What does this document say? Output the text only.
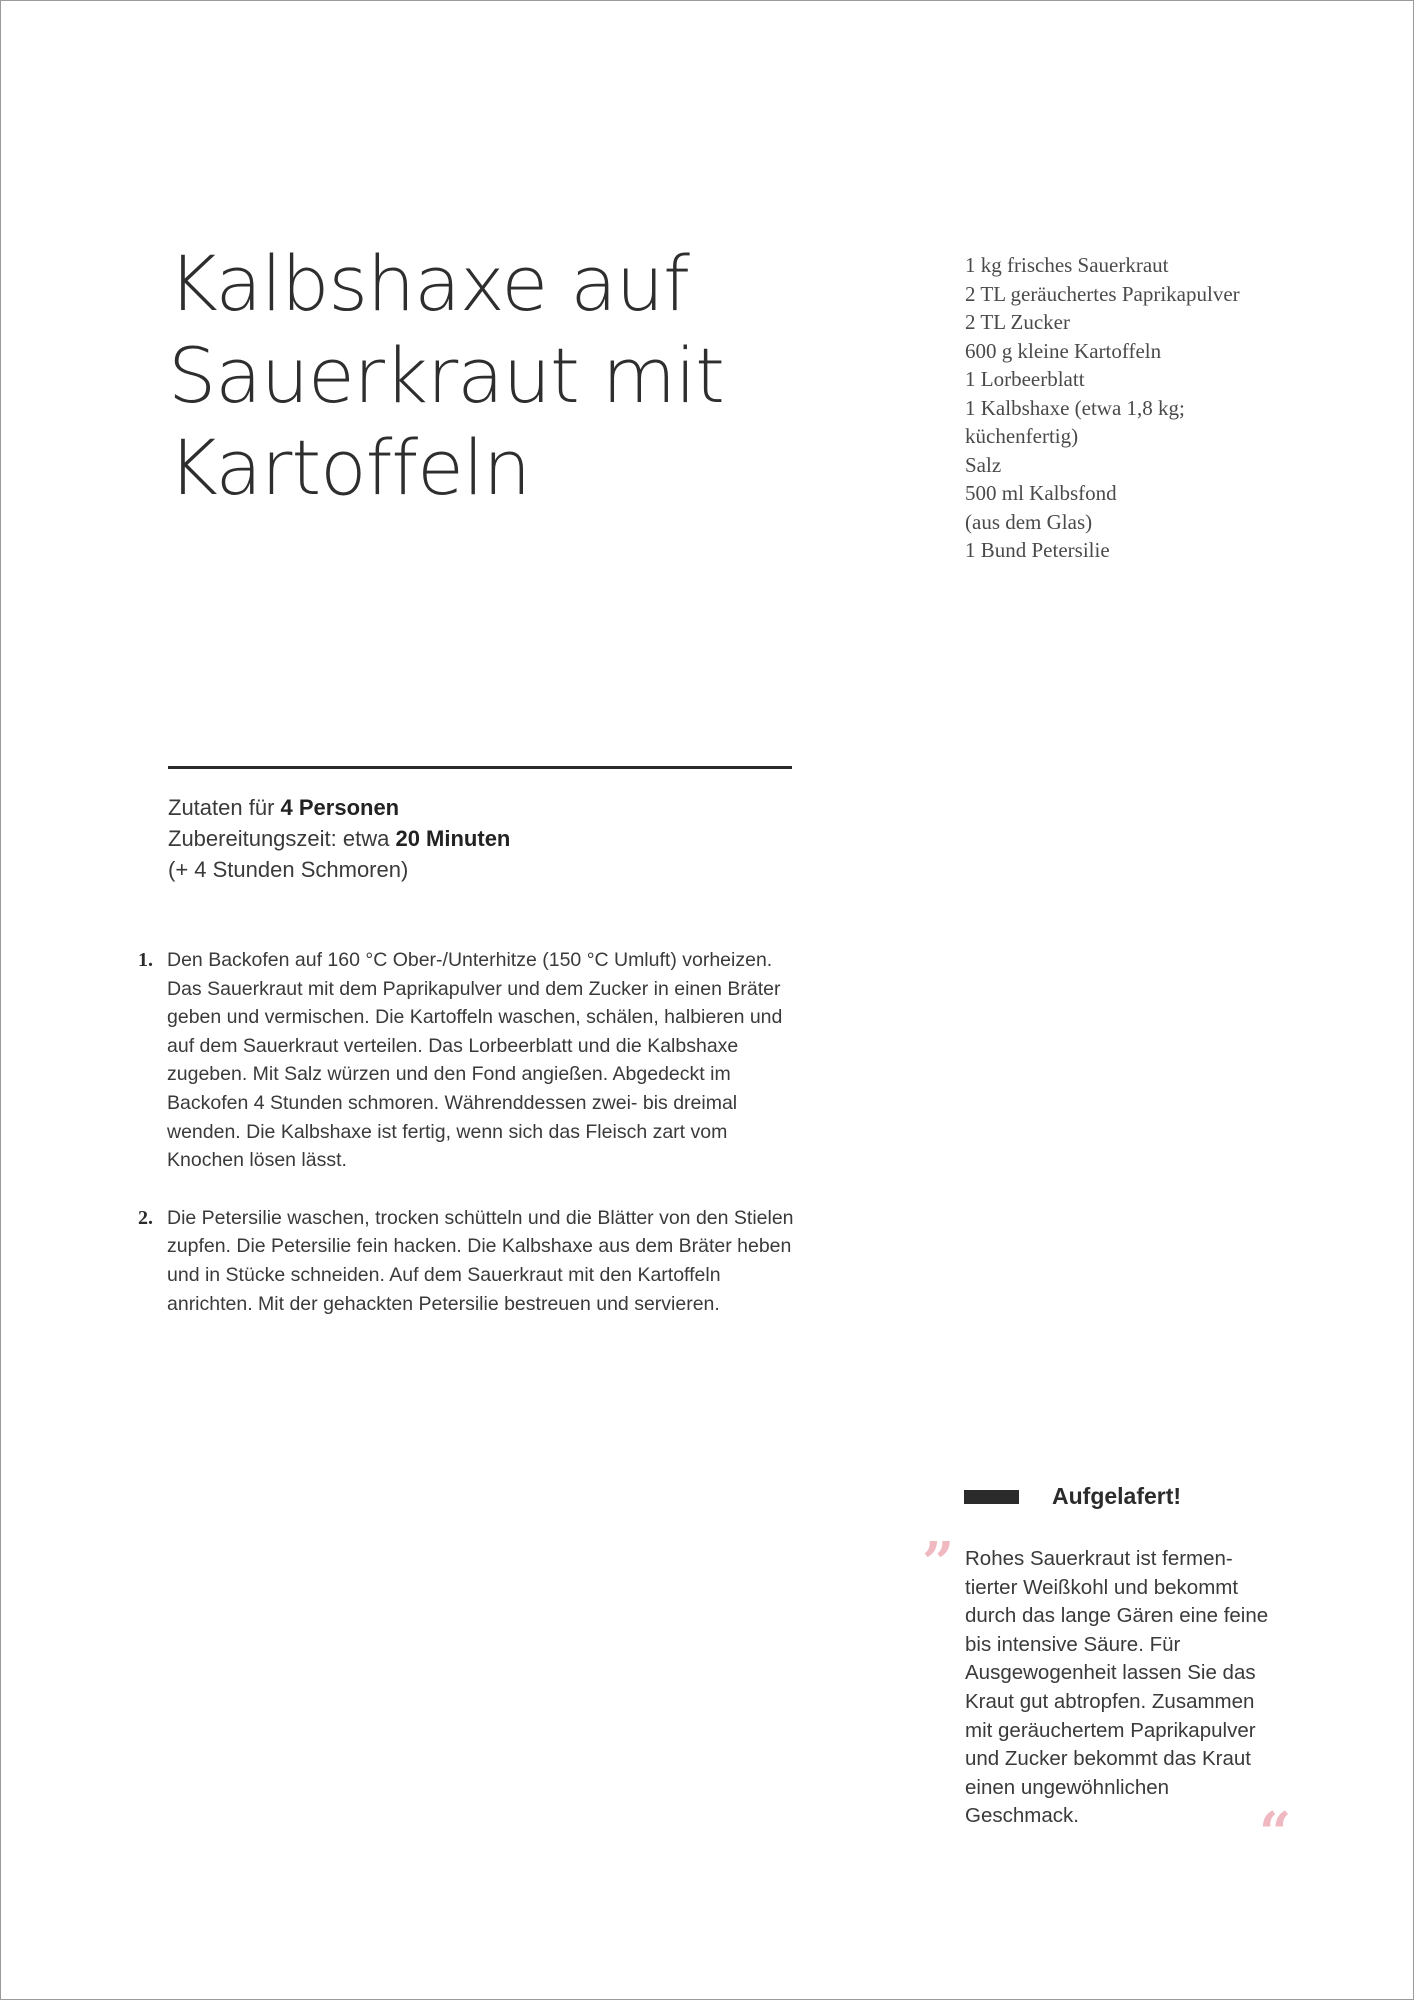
Kalbshaxe auf
Sauerkraut mit
Kartoffeln
1 kg frisches Sauerkraut
2 TL geräuchertes Paprikapulver
2 TL Zucker
600 g kleine Kartoffeln
1 Lorbeerblatt
1 Kalbshaxe (etwa 1,8 kg;
küchenfertig)
Salz
500 ml Kalbsfond
(aus dem Glas)
1 Bund Petersilie
Zutaten für 4 Personen
Zubereitungszeit: etwa 20 Minuten
(+ 4 Stunden Schmoren)
1. Den Backofen auf 160 °C Ober-/Unterhitze (150 °C Umluft) vorheizen. Das Sauerkraut mit dem Paprikapulver und dem Zucker in einen Bräter geben und vermischen. Die Kartoffeln waschen, schälen, halbieren und auf dem Sauerkraut verteilen. Das Lorbeerblatt und die Kalbshaxe zugeben. Mit Salz würzen und den Fond angießen. Abgedeckt im Backofen 4 Stunden schmoren. Währenddessen zwei- bis dreimal wenden. Die Kalbshaxe ist fertig, wenn sich das Fleisch zart vom Knochen lösen lässt.
2. Die Petersilie waschen, trocken schütteln und die Blätter von den Stielen zupfen. Die Petersilie fein hacken. Die Kalbshaxe aus dem Bräter heben und in Stücke schneiden. Auf dem Sauerkraut mit den Kartoffeln anrichten. Mit der gehackten Petersilie bestreuen und servieren.
Aufgelafert!
” Rohes Sauerkraut ist fermen-
tierter Weißkohl und bekommt
durch das lange Gären eine feine
bis intensive Säure. Für
Ausgewogenheit lassen Sie das
Kraut gut abtropfen. Zusammen
mit geräuchertem Paprikapulver
und Zucker bekommt das Kraut
einen ungewöhnlichen
Geschmack.	“
